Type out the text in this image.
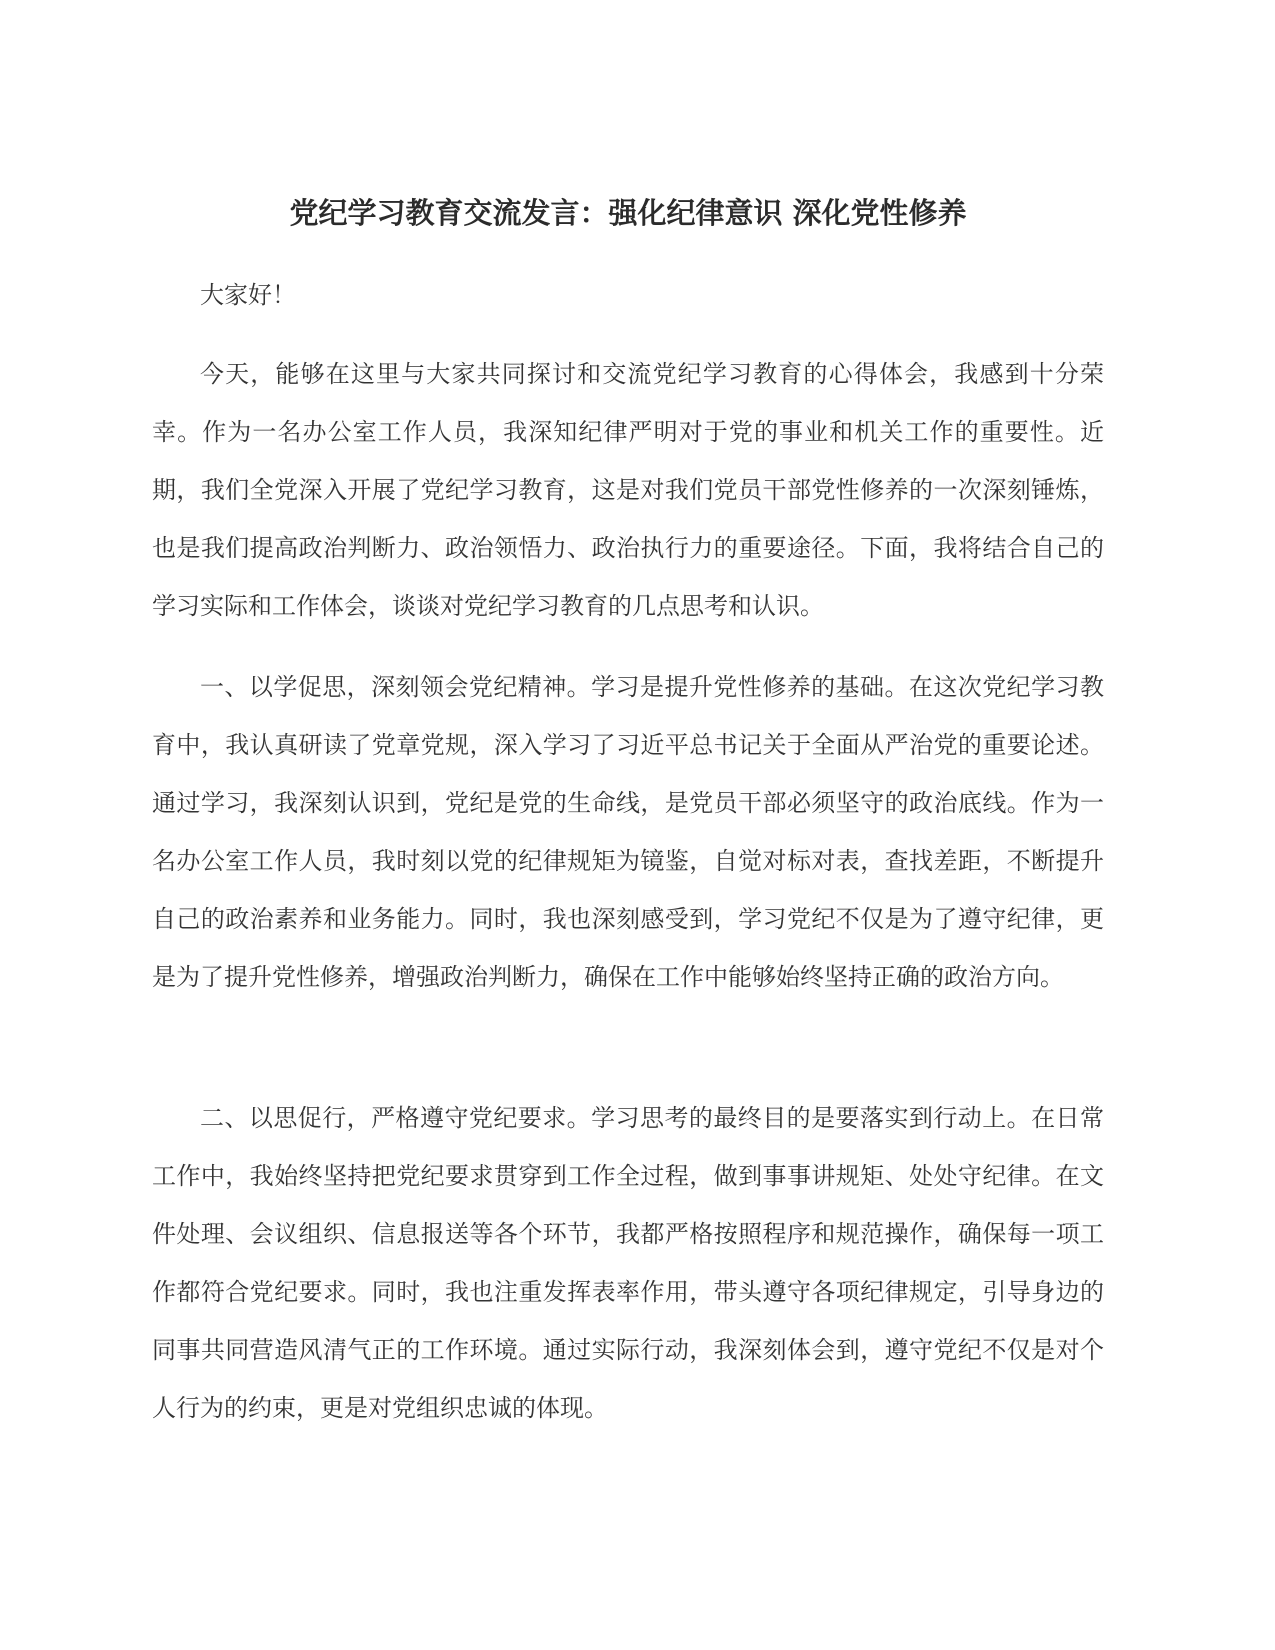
党纪学习教育交流发言：强化纪律意识 深化党性修养

大家好！

今天，能够在这里与大家共同探讨和交流党纪学习教育的心得体会，我感到十分荣幸。作为一名办公室工作人员，我深知纪律严明对于党的事业和机关工作的重要性。近期，我们全党深入开展了党纪学习教育，这是对我们党员干部党性修养的一次深刻锤炼，也是我们提高政治判断力、政治领悟力、政治执行力的重要途径。下面，我将结合自己的学习实际和工作体会，谈谈对党纪学习教育的几点思考和认识。

一、以学促思，深刻领会党纪精神。学习是提升党性修养的基础。在这次党纪学习教育中，我认真研读了党章党规，深入学习了习近平总书记关于全面从严治党的重要论述。通过学习，我深刻认识到，党纪是党的生命线，是党员干部必须坚守的政治底线。作为一名办公室工作人员，我时刻以党的纪律规矩为镜鉴，自觉对标对表，查找差距，不断提升自己的政治素养和业务能力。同时，我也深刻感受到，学习党纪不仅是为了遵守纪律，更是为了提升党性修养，增强政治判断力，确保在工作中能够始终坚持正确的政治方向。

二、以思促行，严格遵守党纪要求。学习思考的最终目的是要落实到行动上。在日常工作中，我始终坚持把党纪要求贯穿到工作全过程，做到事事讲规矩、处处守纪律。在文件处理、会议组织、信息报送等各个环节，我都严格按照程序和规范操作，确保每一项工作都符合党纪要求。同时，我也注重发挥表率作用，带头遵守各项纪律规定，引导身边的同事共同营造风清气正的工作环境。通过实际行动，我深刻体会到，遵守党纪不仅是对个人行为的约束，更是对党组织忠诚的体现。
